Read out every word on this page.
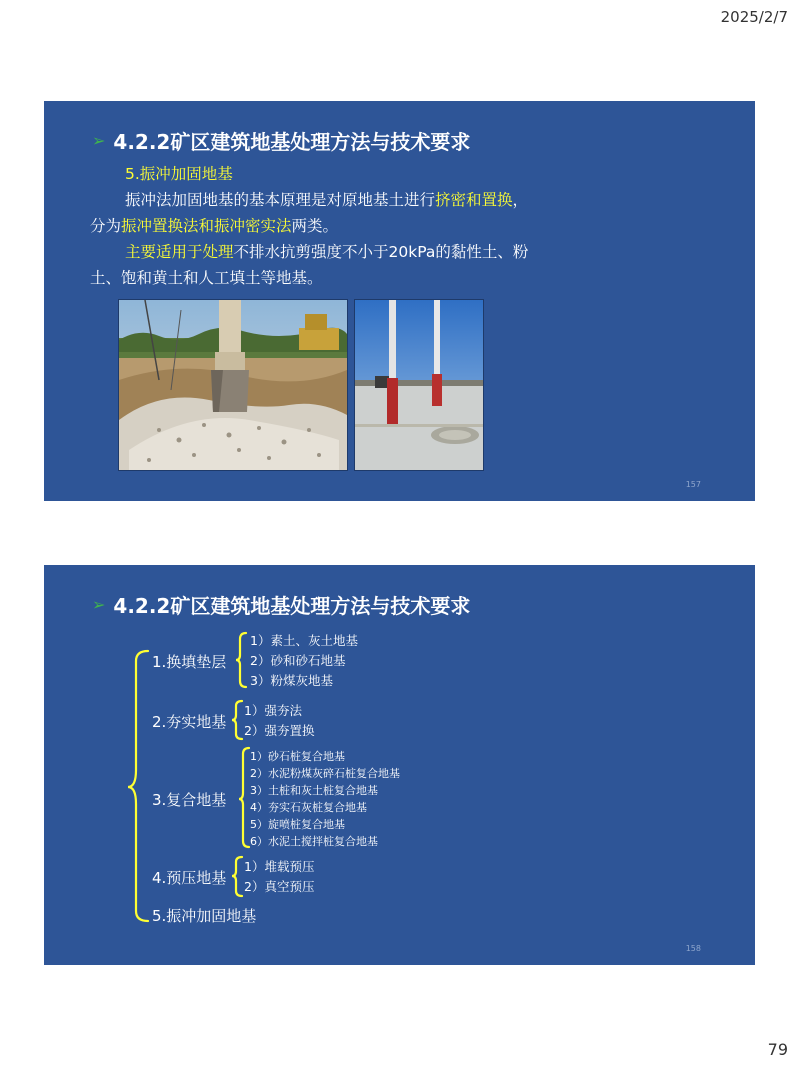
2025/2/7
➢ 4.2.2矿区建筑地基处理方法与技术要求

5.振冲加固地基

振冲法加固地基的基本原理是对原地基土进行挤密和置换，

分为振冲置换法和振冲密实法两类。

主要适用于处理不排水抗剪强度不小于20kPa的黏性土、粉

土、饱和黄土和人工填土等地基。

157
➢ 4.2.2矿区建筑地基处理方法与技术要求
1.换填垫层
1）素土、灰土地基
2）砂和砂石地基
3）粉煤灰地基
2.夯实地基
1）强夯法
2）强夯置换
3.复合地基
1）砂石桩复合地基
2）水泥粉煤灰碎石桩复合地基
3）土桩和灰土桩复合地基
4）夯实石灰桩复合地基
5）旋喷桩复合地基
6）水泥土搅拌桩复合地基
4.预压地基
1）堆载预压
2）真空预压
5.振冲加固地基
158
79
